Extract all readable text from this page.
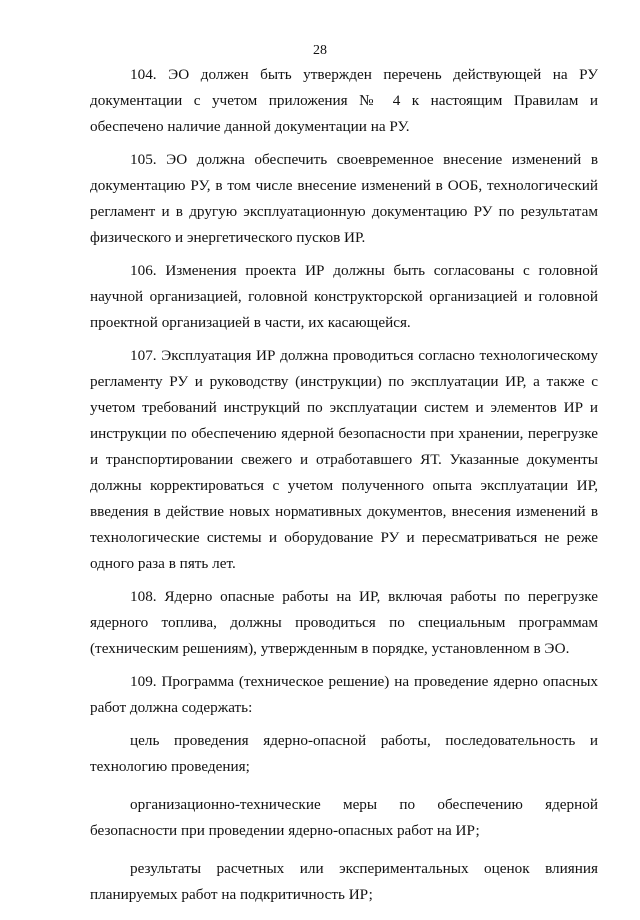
28

104. ЭО должен быть утвержден перечень действующей на РУ документации с учетом приложения № 4 к настоящим Правилам и обеспечено наличие данной документации на РУ.

105. ЭО должна обеспечить своевременное внесение изменений в документацию РУ, в том числе внесение изменений в ООБ, технологический регламент и в другую эксплуатационную документацию РУ по результатам физического и энергетического пусков ИР.

106. Изменения проекта ИР должны быть согласованы с головной научной организацией, головной конструкторской организацией и головной проектной организацией в части, их касающейся.

107. Эксплуатация ИР должна проводиться согласно технологическому регламенту РУ и руководству (инструкции) по эксплуатации ИР, а также с учетом требований инструкций по эксплуатации систем и элементов ИР и инструкции по обеспечению ядерной безопасности при хранении, перегрузке и транспортировании свежего и отработавшего ЯТ. Указанные документы должны корректироваться с учетом полученного опыта эксплуатации ИР, введения в действие новых нормативных документов, внесения изменений в технологические системы и оборудование РУ и пересматриваться не реже одного раза в пять лет.

108. Ядерно опасные работы на ИР, включая работы по перегрузке ядерного топлива, должны проводиться по специальным программам (техническим решениям), утвержденным в порядке, установленном в ЭО.

109. Программа (техническое решение) на проведение ядерно опасных работ должна содержать:

цель проведения ядерно-опасной работы, последовательность и технологию проведения;

организационно-технические меры по обеспечению ядерной безопасности при проведении ядерно-опасных работ на ИР;

результаты расчетных или экспериментальных оценок влияния планируемых работ на подкритичность ИР;
